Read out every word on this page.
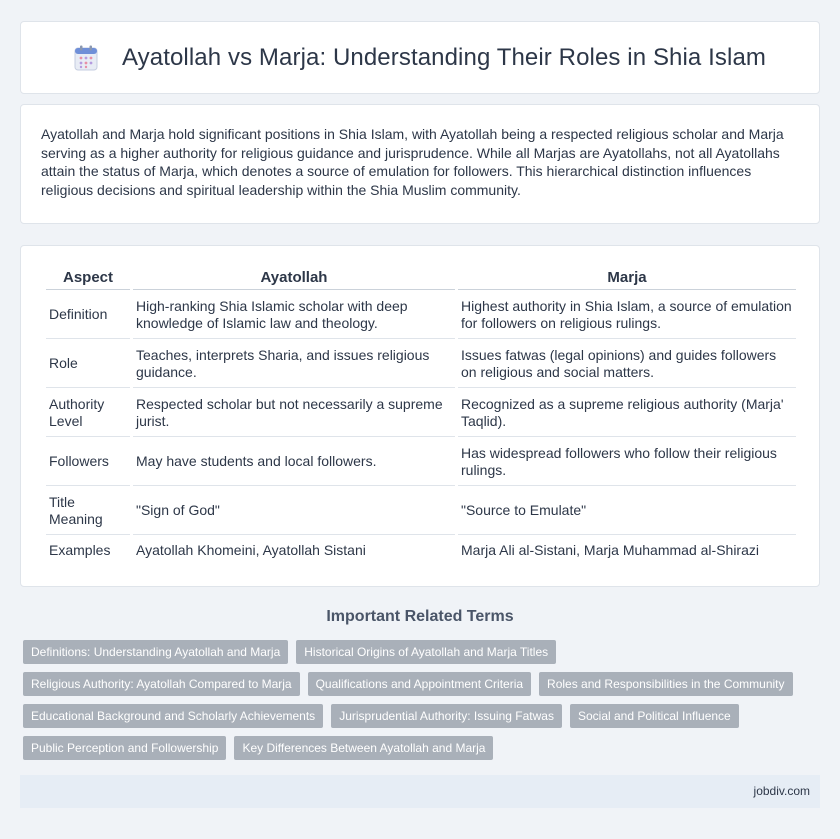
Ayatollah vs Marja: Understanding Their Roles in Shia Islam

Ayatollah and Marja hold significant positions in Shia Islam, with Ayatollah being a respected religious scholar and Marja serving as a higher authority for religious guidance and jurisprudence. While all Marjas are Ayatollahs, not all Ayatollahs attain the status of Marja, which denotes a source of emulation for followers. This hierarchical distinction influences religious decisions and spiritual leadership within the Shia Muslim community.

Aspect	Ayatollah	Marja
Definition	High-ranking Shia Islamic scholar with deep knowledge of Islamic law and theology.	Highest authority in Shia Islam, a source of emulation for followers on religious rulings.
Role	Teaches, interprets Sharia, and issues religious guidance.	Issues fatwas (legal opinions) and guides followers on religious and social matters.
Authority Level	Respected scholar but not necessarily a supreme jurist.	Recognized as a supreme religious authority (Marja' Taqlid).
Followers	May have students and local followers.	Has widespread followers who follow their religious rulings.
Title Meaning	"Sign of God"	"Source to Emulate"
Examples	Ayatollah Khomeini, Ayatollah Sistani	Marja Ali al-Sistani, Marja Muhammad al-Shirazi
Important Related Terms
Definitions: Understanding Ayatollah and Marja	Historical Origins of Ayatollah and Marja Titles
Religious Authority: Ayatollah Compared to Marja	Qualifications and Appointment Criteria	Roles and Responsibilities in the Community
Educational Background and Scholarly Achievements	Jurisprudential Authority: Issuing Fatwas	Social and Political Influence
Public Perception and Followership	Key Differences Between Ayatollah and Marja
jobdiv.com
